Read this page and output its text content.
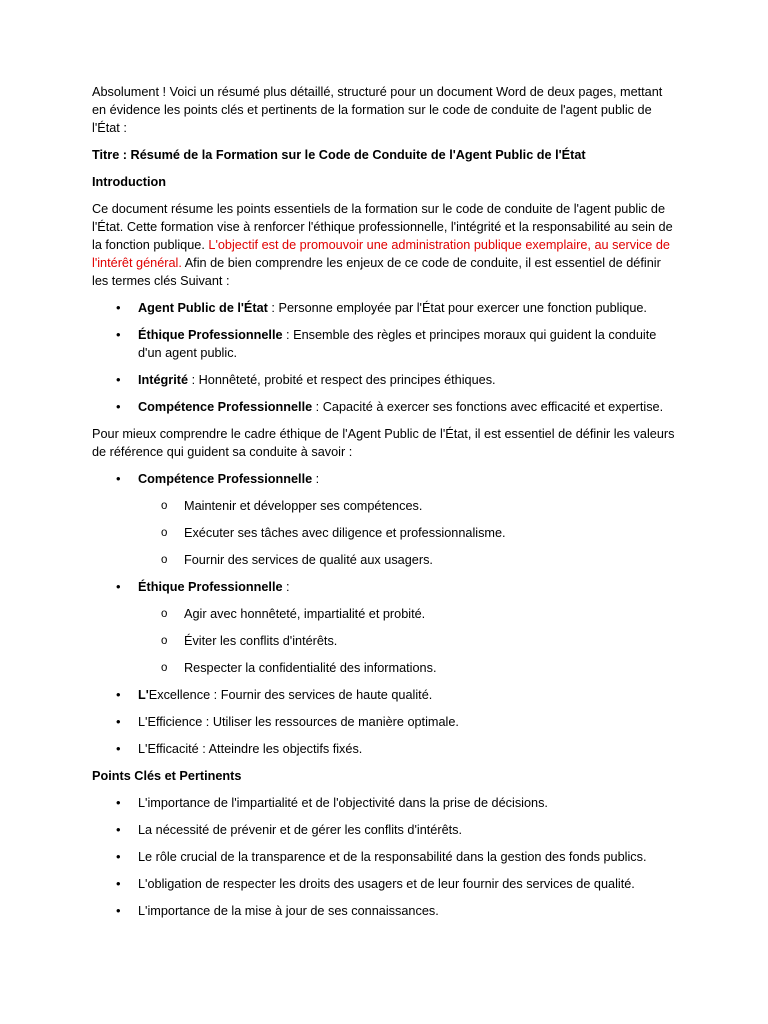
Absolument ! Voici un résumé plus détaillé, structuré pour un document Word de deux pages, mettant en évidence les points clés et pertinents de la formation sur le code de conduite de l'agent public de l'État :

Titre : Résumé de la Formation sur le Code de Conduite de l'Agent Public de l'État

Introduction

Ce document résume les points essentiels de la formation sur le code de conduite de l'agent public de l'État. Cette formation vise à renforcer l'éthique professionnelle, l'intégrité et la responsabilité au sein de la fonction publique. L'objectif est de promouvoir une administration publique exemplaire, au service de l'intérêt général. Afin de bien comprendre les enjeux de ce code de conduite, il est essentiel de définir les termes clés Suivant :

• Agent Public de l'État : Personne employée par l'État pour exercer une fonction publique.
• Éthique Professionnelle : Ensemble des règles et principes moraux qui guident la conduite d'un agent public.
• Intégrité : Honnêteté, probité et respect des principes éthiques.
• Compétence Professionnelle : Capacité à exercer ses fonctions avec efficacité et expertise.

Pour mieux comprendre le cadre éthique de l'Agent Public de l'État, il est essentiel de définir les valeurs de référence qui guident sa conduite à savoir :

• Compétence Professionnelle :
o Maintenir et développer ses compétences.
o Exécuter ses tâches avec diligence et professionnalisme.
o Fournir des services de qualité aux usagers.
• Éthique Professionnelle :
o Agir avec honnêteté, impartialité et probité.
o Éviter les conflits d'intérêts.
o Respecter la confidentialité des informations.
• L'Excellence : Fournir des services de haute qualité.
• L'Efficience : Utiliser les ressources de manière optimale.
• L'Efficacité : Atteindre les objectifs fixés.

Points Clés et Pertinents

• L'importance de l'impartialité et de l'objectivité dans la prise de décisions.
• La nécessité de prévenir et de gérer les conflits d'intérêts.
• Le rôle crucial de la transparence et de la responsabilité dans la gestion des fonds publics.
• L'obligation de respecter les droits des usagers et de leur fournir des services de qualité.
• L'importance de la mise à jour de ses connaissances.
